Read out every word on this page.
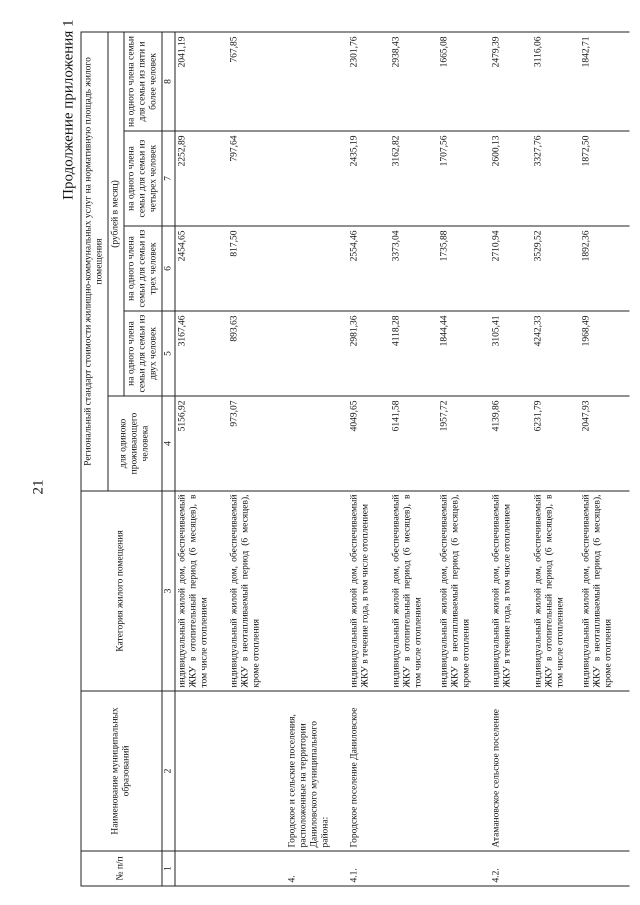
21
Продолжение приложения 1
№ п/п	Наименование муниципальных образований	Категория жилого помещения	Региональный стандарт стоимости жилищно-коммунальных услуг на нормативную площадь жилого помещения				
			для одиноко проживающего человека	(рублей в месяц)			
				на одного члена семьи для семьи из двух человек	на одного члена семьи для семьи из трех человек	на одного члена семьи для семьи из четырех человек	на одного члена семьи для семьи из пяти и более человек
1	2	3	4	5	6	7	8
		индивидуальный жилой дом, обеспечиваемый ЖКУ в отопительный период (6 месяцев), в том числе отоплением	5156,92	3167,46	2454,65	2252,89	2041,19
		индивидуальный жилой дом, обеспечиваемый ЖКУ в неотапливаемый период (6 месяцев), кроме отопления	973,07	893,63	817,50	797,64	767,85
4.	Городское и сельские поселения, расположенные на территории Даниловского муниципального района:						
4.1.	Городское поселение Даниловское	индивидуальный жилой дом, обеспечиваемый ЖКУ в течение года, в том числе отоплением	4049,65	2981,36	2554,46	2435,19	2301,76
		индивидуальный жилой дом, обеспечиваемый ЖКУ в отопительный период (6 месяцев), в том числе отоплением	6141,58	4118,28	3373,04	3162,82	2938,43
		индивидуальный жилой дом, обеспечиваемый ЖКУ в неотапливаемый период (6 месяцев), кроме отопления	1957,72	1844,44	1735,88	1707,56	1665,08
4.2.	Атамановское сельское поселение	индивидуальный жилой дом, обеспечиваемый ЖКУ в течение года, в том числе отоплением	4139,86	3105,41	2710,94	2600,13	2479,39
		индивидуальный жилой дом, обеспечиваемый ЖКУ в отопительный период (6 месяцев), в том числе отоплением	6231,79	4242,33	3529,52	3327,76	3116,06
		индивидуальный жилой дом, обеспечиваемый ЖКУ в неотапливаемый период (6 месяцев), кроме отопления	2047,93	1968,49	1892,36	1872,50	1842,71
